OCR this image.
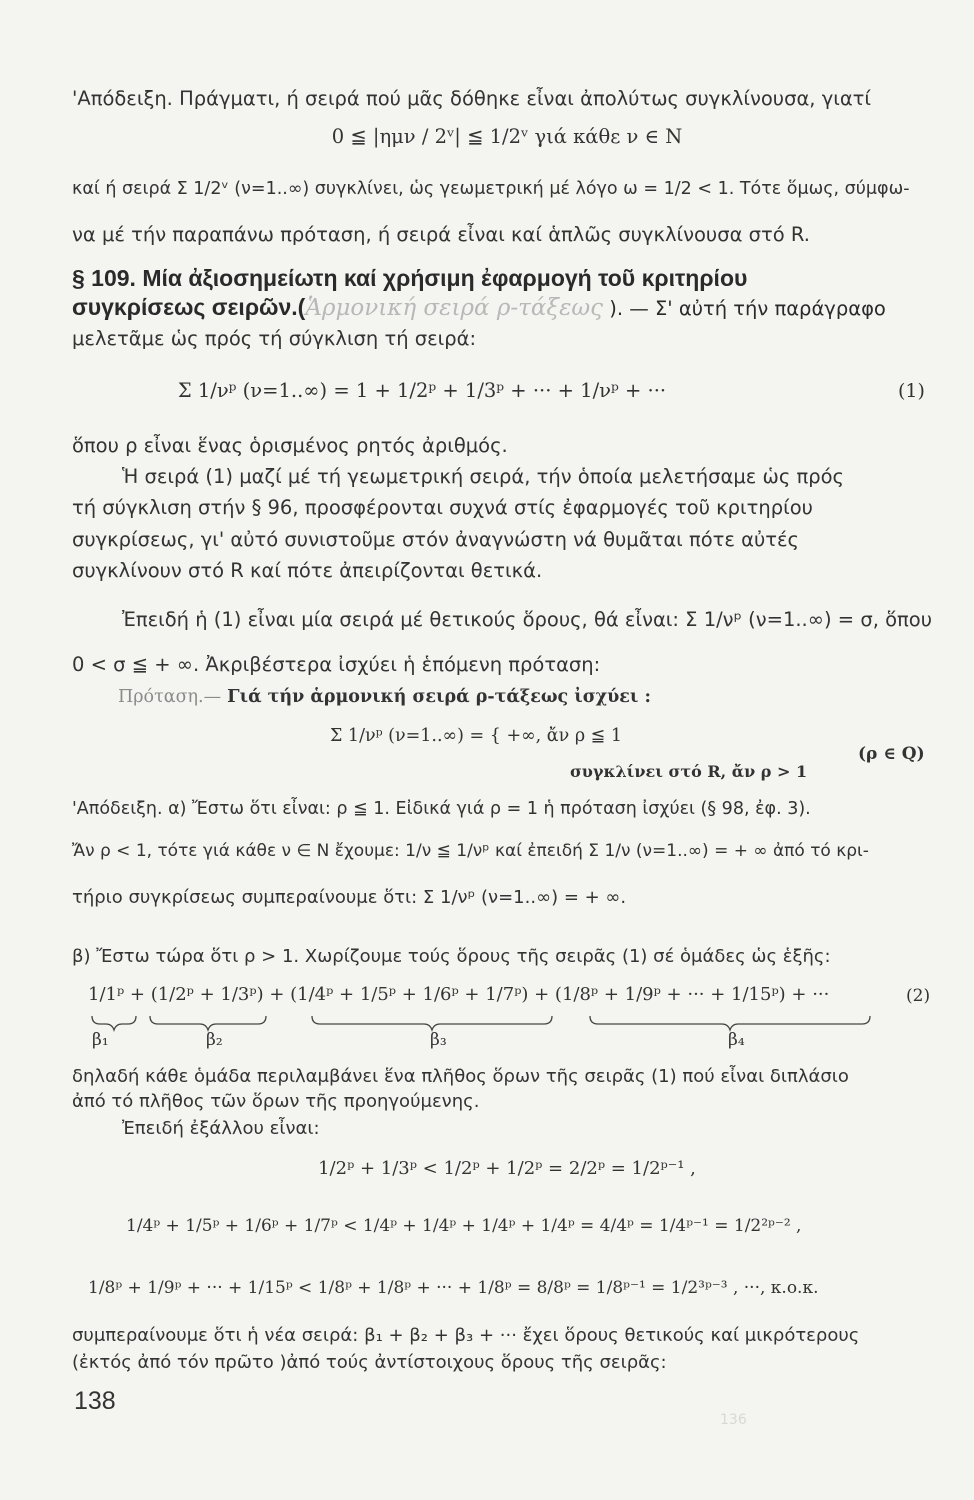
'Απόδειξη. Πράγματι, ή σειρά πού μᾶς δόθηκε εἶναι ἀπολύτως συγκλίνουσα, γιατί
0 ≦ |ημν / 2ᵛ| ≦ 1/2ᵛ γιά κάθε ν ∈ N
καί ή σειρά Σ 1/2ᵛ (ν=1..∞) συγκλίνει, ὡς γεωμετρική μέ λόγο ω = 1/2 < 1. Τότε ὅμως, σύμφω-
να μέ τήν παραπάνω πρόταση, ή σειρά εἶναι καί ἁπλῶς συγκλίνουσα στό R.
§ 109. Μία ἀξιοσημείωτη καί χρήσιμη ἐφαρμογή τοῦ κριτηρίου
συγκρίσεως σειρῶν.(Ἁρμονική σειρά ρ-τάξεως ). — Σ' αὐτή τήν παράγραφο
μελετᾶμε ὡς πρός τή σύγκλιση τή σειρά:
Σ 1/νᵖ (ν=1..∞) = 1 + 1/2ᵖ + 1/3ᵖ + ··· + 1/νᵖ + ···	(1)
ὅπου ρ εἶναι ἕνας ὁρισμένος ρητός ἀριθμός.
Ἡ σειρά (1) μαζί μέ τή γεωμετρική σειρά, τήν ὁποία μελετήσαμε ὡς πρός
τή σύγκλιση στήν § 96, προσφέρονται συχνά στίς ἐφαρμογές τοῦ κριτηρίου
συγκρίσεως, γι' αὐτό συνιστοῦμε στόν ἀναγνώστη νά θυμᾶται πότε αὐτές
συγκλίνουν στό R καί πότε ἀπειρίζονται θετικά.
Ἐπειδή ἡ (1) εἶναι μία σειρά μέ θετικούς ὅρους, θά εἶναι: Σ 1/νᵖ (ν=1..∞) = σ, ὅπου
0 < σ ≦ + ∞. Ἀκριβέστερα ἰσχύει ἡ ἑπόμενη πρόταση:
Πρόταση.— Γιά τήν ἁρμονική σειρά ρ-τάξεως ἰσχύει :
Σ 1/νᵖ (ν=1..∞) = { +∞, ἄν ρ ≦ 1
συγκλίνει στό R, ἄν ρ > 1
(ρ ∈ Q)
'Απόδειξη. α) Ἔστω ὅτι εἶναι: ρ ≦ 1. Εἰδικά γιά ρ = 1 ἡ πρόταση ἰσχύει (§ 98, ἐφ. 3).
Ἄν ρ < 1, τότε γιά κάθε ν ∈ N ἔχουμε: 1/ν ≦ 1/νᵖ καί ἐπειδή Σ 1/ν (ν=1..∞) = + ∞ ἀπό τό κρι-
τήριο συγκρίσεως συμπεραίνουμε ὅτι: Σ 1/νᵖ (ν=1..∞) = + ∞.
β) Ἔστω τώρα ὅτι ρ > 1. Χωρίζουμε τούς ὅρους τῆς σειρᾶς (1) σέ ὁμάδες ὡς ἑξῆς:
1/1ᵖ + (1/2ᵖ + 1/3ᵖ) + (1/4ᵖ + 1/5ᵖ + 1/6ᵖ + 1/7ᵖ) + (1/8ᵖ + 1/9ᵖ + ··· + 1/15ᵖ) + ···	(2)
β₁	β₂	β₃	β₄
δηλαδή κάθε ὁμάδα περιλαμβάνει ἕνα πλῆθος ὅρων τῆς σειρᾶς (1) πού εἶναι διπλάσιο
ἀπό τό πλῆθος τῶν ὅρων τῆς προηγούμενης.
Ἐπειδή ἐξάλλου εἶναι:
1/2ᵖ + 1/3ᵖ < 1/2ᵖ + 1/2ᵖ = 2/2ᵖ = 1/2ᵖ⁻¹ ,
1/4ᵖ + 1/5ᵖ + 1/6ᵖ + 1/7ᵖ < 1/4ᵖ + 1/4ᵖ + 1/4ᵖ + 1/4ᵖ = 4/4ᵖ = 1/4ᵖ⁻¹ = 1/2²ᵖ⁻² ,
1/8ᵖ + 1/9ᵖ + ··· + 1/15ᵖ < 1/8ᵖ + 1/8ᵖ + ··· + 1/8ᵖ = 8/8ᵖ = 1/8ᵖ⁻¹ = 1/2³ᵖ⁻³ , ···, κ.ο.κ.
συμπεραίνουμε ὅτι ἡ νέα σειρά: β₁ + β₂ + β₃ + ··· ἔχει ὅρους θετικούς καί μικρότερους
(ἐκτός ἀπό τόν πρῶτο )ἀπό τούς ἀντίστοιχους ὅρους τῆς σειρᾶς:
138
136
